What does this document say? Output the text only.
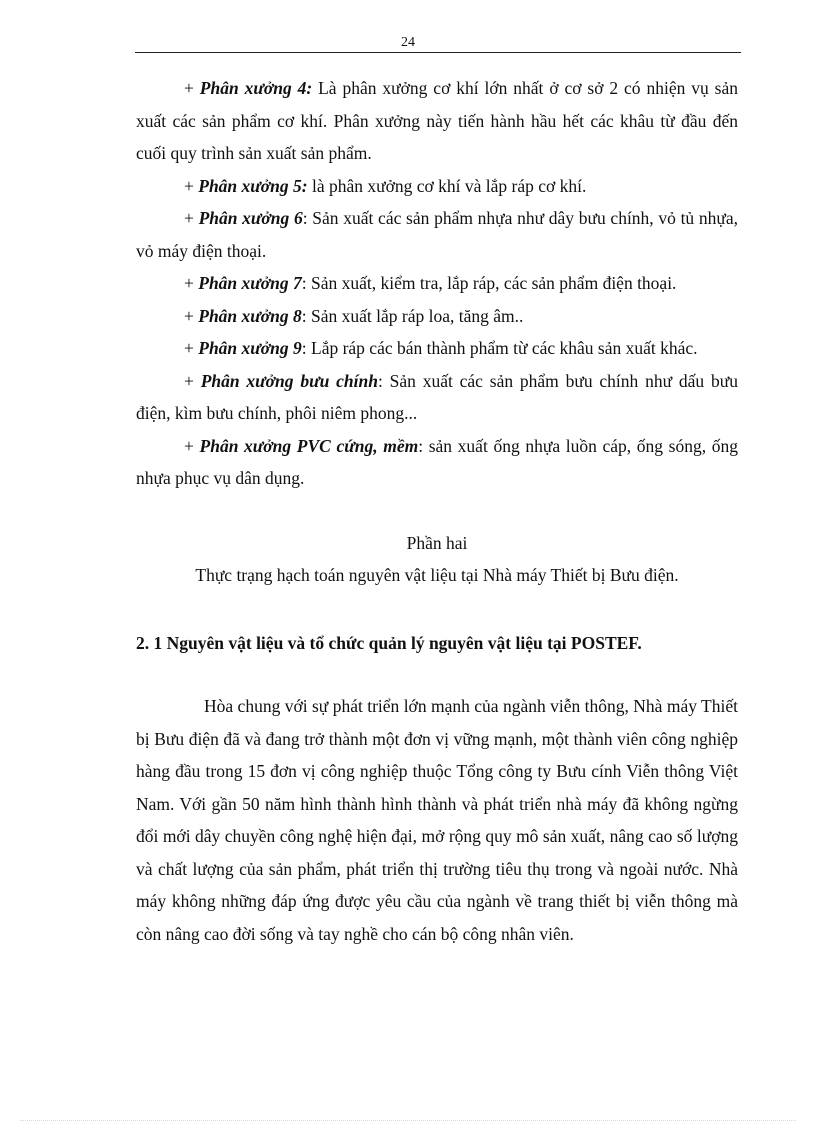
24

+ Phân xưởng 4: Là phân xưởng cơ khí lớn nhất ở cơ sở 2 có nhiện vụ sản xuất các sản phẩm cơ khí. Phân xưởng này tiến hành hầu hết các khâu từ đầu đến cuối quy trình sản xuất sản phẩm.

+ Phân xưởng 5: là phân xưởng cơ khí và lắp ráp cơ khí.

+ Phân xưởng 6: Sản xuất các sản phẩm nhựa như dây bưu chính, vỏ tủ nhựa, vỏ máy điện thoại.

+ Phân xưởng 7: Sản xuất, kiểm tra, lắp ráp, các sản phẩm điện thoại.

+ Phân xưởng 8: Sản xuất lắp ráp loa, tăng âm..

+ Phân xưởng 9: Lắp ráp các bán thành phẩm từ các khâu sản xuất khác.

+ Phân xưởng bưu chính: Sản xuất các sản phẩm bưu chính như dấu bưu điện, kìm bưu chính, phôi niêm phong...

+ Phân xưởng PVC cứng, mềm: sản xuất ống nhựa luồn cáp, ống sóng, ống nhựa phục vụ dân dụng.

Phần hai

Thực trạng hạch toán nguyên vật liệu tại Nhà máy Thiết bị Bưu điện.

2. 1 Nguyên vật liệu và tổ chức quản lý nguyên vật liệu tại POSTEF.

Hòa chung với sự phát triển lớn mạnh của ngành viễn thông, Nhà máy Thiết bị Bưu điện đã và đang trở thành một đơn vị vững mạnh, một thành viên công nghiệp hàng đầu trong 15 đơn vị công nghiệp thuộc Tổng công ty Bưu cính Viễn thông Việt Nam. Với gần 50 năm hình thành hình thành và phát triển nhà máy đã không ngừng đổi mới dây chuyền công nghệ hiện đại, mở rộng quy mô sản xuất, nâng cao số lượng và chất lượng của sản phẩm, phát triển thị trường tiêu thụ trong và ngoài nước. Nhà máy không những đáp ứng được yêu cầu của ngành về trang thiết bị viễn thông mà còn nâng cao đời sống và tay nghề cho cán bộ công nhân viên.
